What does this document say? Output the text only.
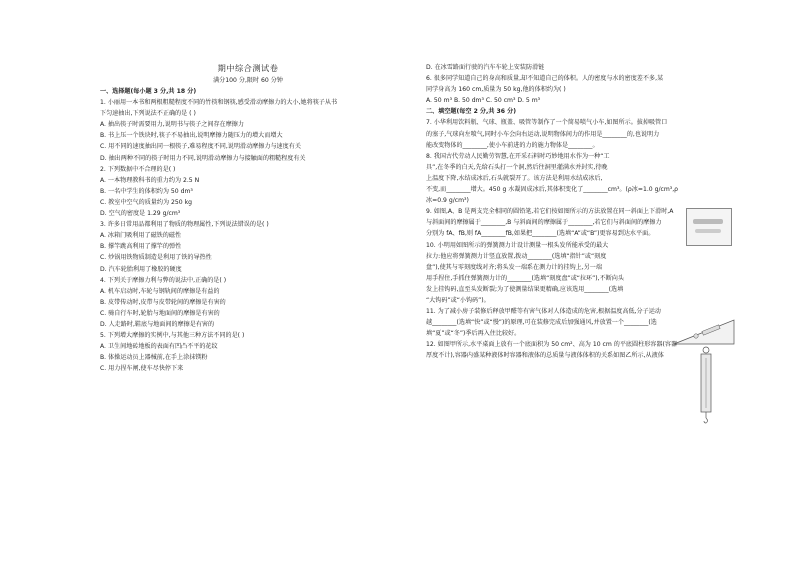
期中综合测试卷
满分100 分,限时 60 分钟
一、选择题(每小题 3 分,共 18 分)
1. 小丽用一本书和两根粗糙程度不同的竹筷和钢筷,感受滑动摩擦力的大小,她将筷子从书
下匀速抽出,下列说法不正确的是 ( )
A. 抽出筷子时需要用力,说明书与筷子之间存在摩擦力
B. 书上压一个铁块时,筷子不易抽出,说明摩擦力随压力的增大而增大
C. 用不同的速度抽出同一根筷子,难易程度不同,说明滑动摩擦力与速度有关
D. 抽出两种不同的筷子时用力不同,说明滑动摩擦力与接触面的粗糙程度有关
2. 下列数据中不合理的是( )
A. 一本物理教科书的重力约为 2.5 N
B. 一名中学生的体积约为 50 dm³
C. 教室中空气的质量约为 250 kg
D. 空气的密度是 1.29 g/cm³
3. 许多日常用品都利用了物质的物理属性,下列说法错误的是( )
A. 冰箱门吸利用了磁铁的磁性
B. 撑竿跳高利用了撑竿的弹性
C. 炒锅用铁物质制造是利用了铁的导热性
D. 汽车轮胎利用了橡胶的硬度
4. 下列关于摩擦力利与弊的说法中,正确的是( )
A. 机车启动时,车轮与钢轨间的摩擦是有益的
B. 皮带传动时,皮带与皮带轮间的摩擦是有害的
C. 骑自行车时,轮胎与地面间的摩擦是有害的
D. 人走路时,鞋底与地面间的摩擦是有害的
5. 下列增大摩擦的实例中,与其他三种方法不同的是( )
A. 卫生间地砖地板的表面有凹凸不平的花纹
B. 体操运动员上器械前,在手上涂抹镁粉
C. 用力捏车闸,使车尽快停下来
D. 在冰雪路面行驶的汽车车轮上安装防滑链
6. 很多同学知道自己的身高和质量,却不知道自己的体积。人的密度与水的密度差不多,某
同学身高为 160 cm,质量为 50 kg,他的体积约为( )
A. 50 m³ B. 50 dm³ C. 50 cm³ D. 5 m³
二、填空题(每空 2 分,共 36 分)
7. 小华利用饮料瓶、气球、瓶盖、吸管等制作了一个简易喷气小车,如图所示。拔掉吸管口
的塞子,气球向左喷气,同时小车会向右运动,说明物体间力的作用是________的,也说明力
能改变物体的________,使小车前进的力的施力物体是________。
8. 我国古代劳动人民勤劳智慧,在开采石料时巧妙地用水作为一种“工
具”,在冬季的白天,先给石头打一个洞,然后往洞里灌满水并封实,待晚
上温度下降,水结成冰后,石头就裂开了。该方法是利用水结成冰后,
不变,而________增大。450 g 水凝固成冰后,其体积变化了________cm³。(ρ冰=1.0 g/cm³,ρ
冰=0.9 g/cm³)
9. 如图,A、B 是两支完全相同的圆铅笔,若它们按如图所示的方法放置在同一斜面上下滑时,A
与斜面间的摩擦属于________,B 与斜面间的摩擦属于________,若它们与斜面间的摩擦力
分别为 fA、fB,则 fA________fB,如果把________(选填“A”或“B”)更容易到达水平面。
10. 小明用如图所示的弹簧测力计设计测量一根头发所能承受的最大
拉力:他应将弹簧测力计竖直放置,拨动________(选填“指针”或“刻度
盘”),使其与零刻度线对齐;将头发一端系在测力计的挂钩上,另一端
用手捏住,手抓住弹簧测力计的________(选填“刻度盘”或“拉环”),不断向头
发上挂钩码,直至头发断裂;为了使测量结果更精确,应该选用________(选填
“大钩码”或“小钩码”)。
11. 为了减小房子装修后释放甲醛等有害气体对人体造成的危害,根据温度高低,分子运动
越________(选填“快”或“慢”)的原理,可在装修完成后加强通风,并放置一个________(选
填“夏”或“冬”)季后再入住比较好。
12. 如图甲所示,水平桌面上放有一个底面积为 50 cm²、高为 10 cm 的平底圆柱形容器(容器
厚度不计),容器内盛某种液体时容器和液体的总质量与液体体积的关系如图乙所示,从液体
